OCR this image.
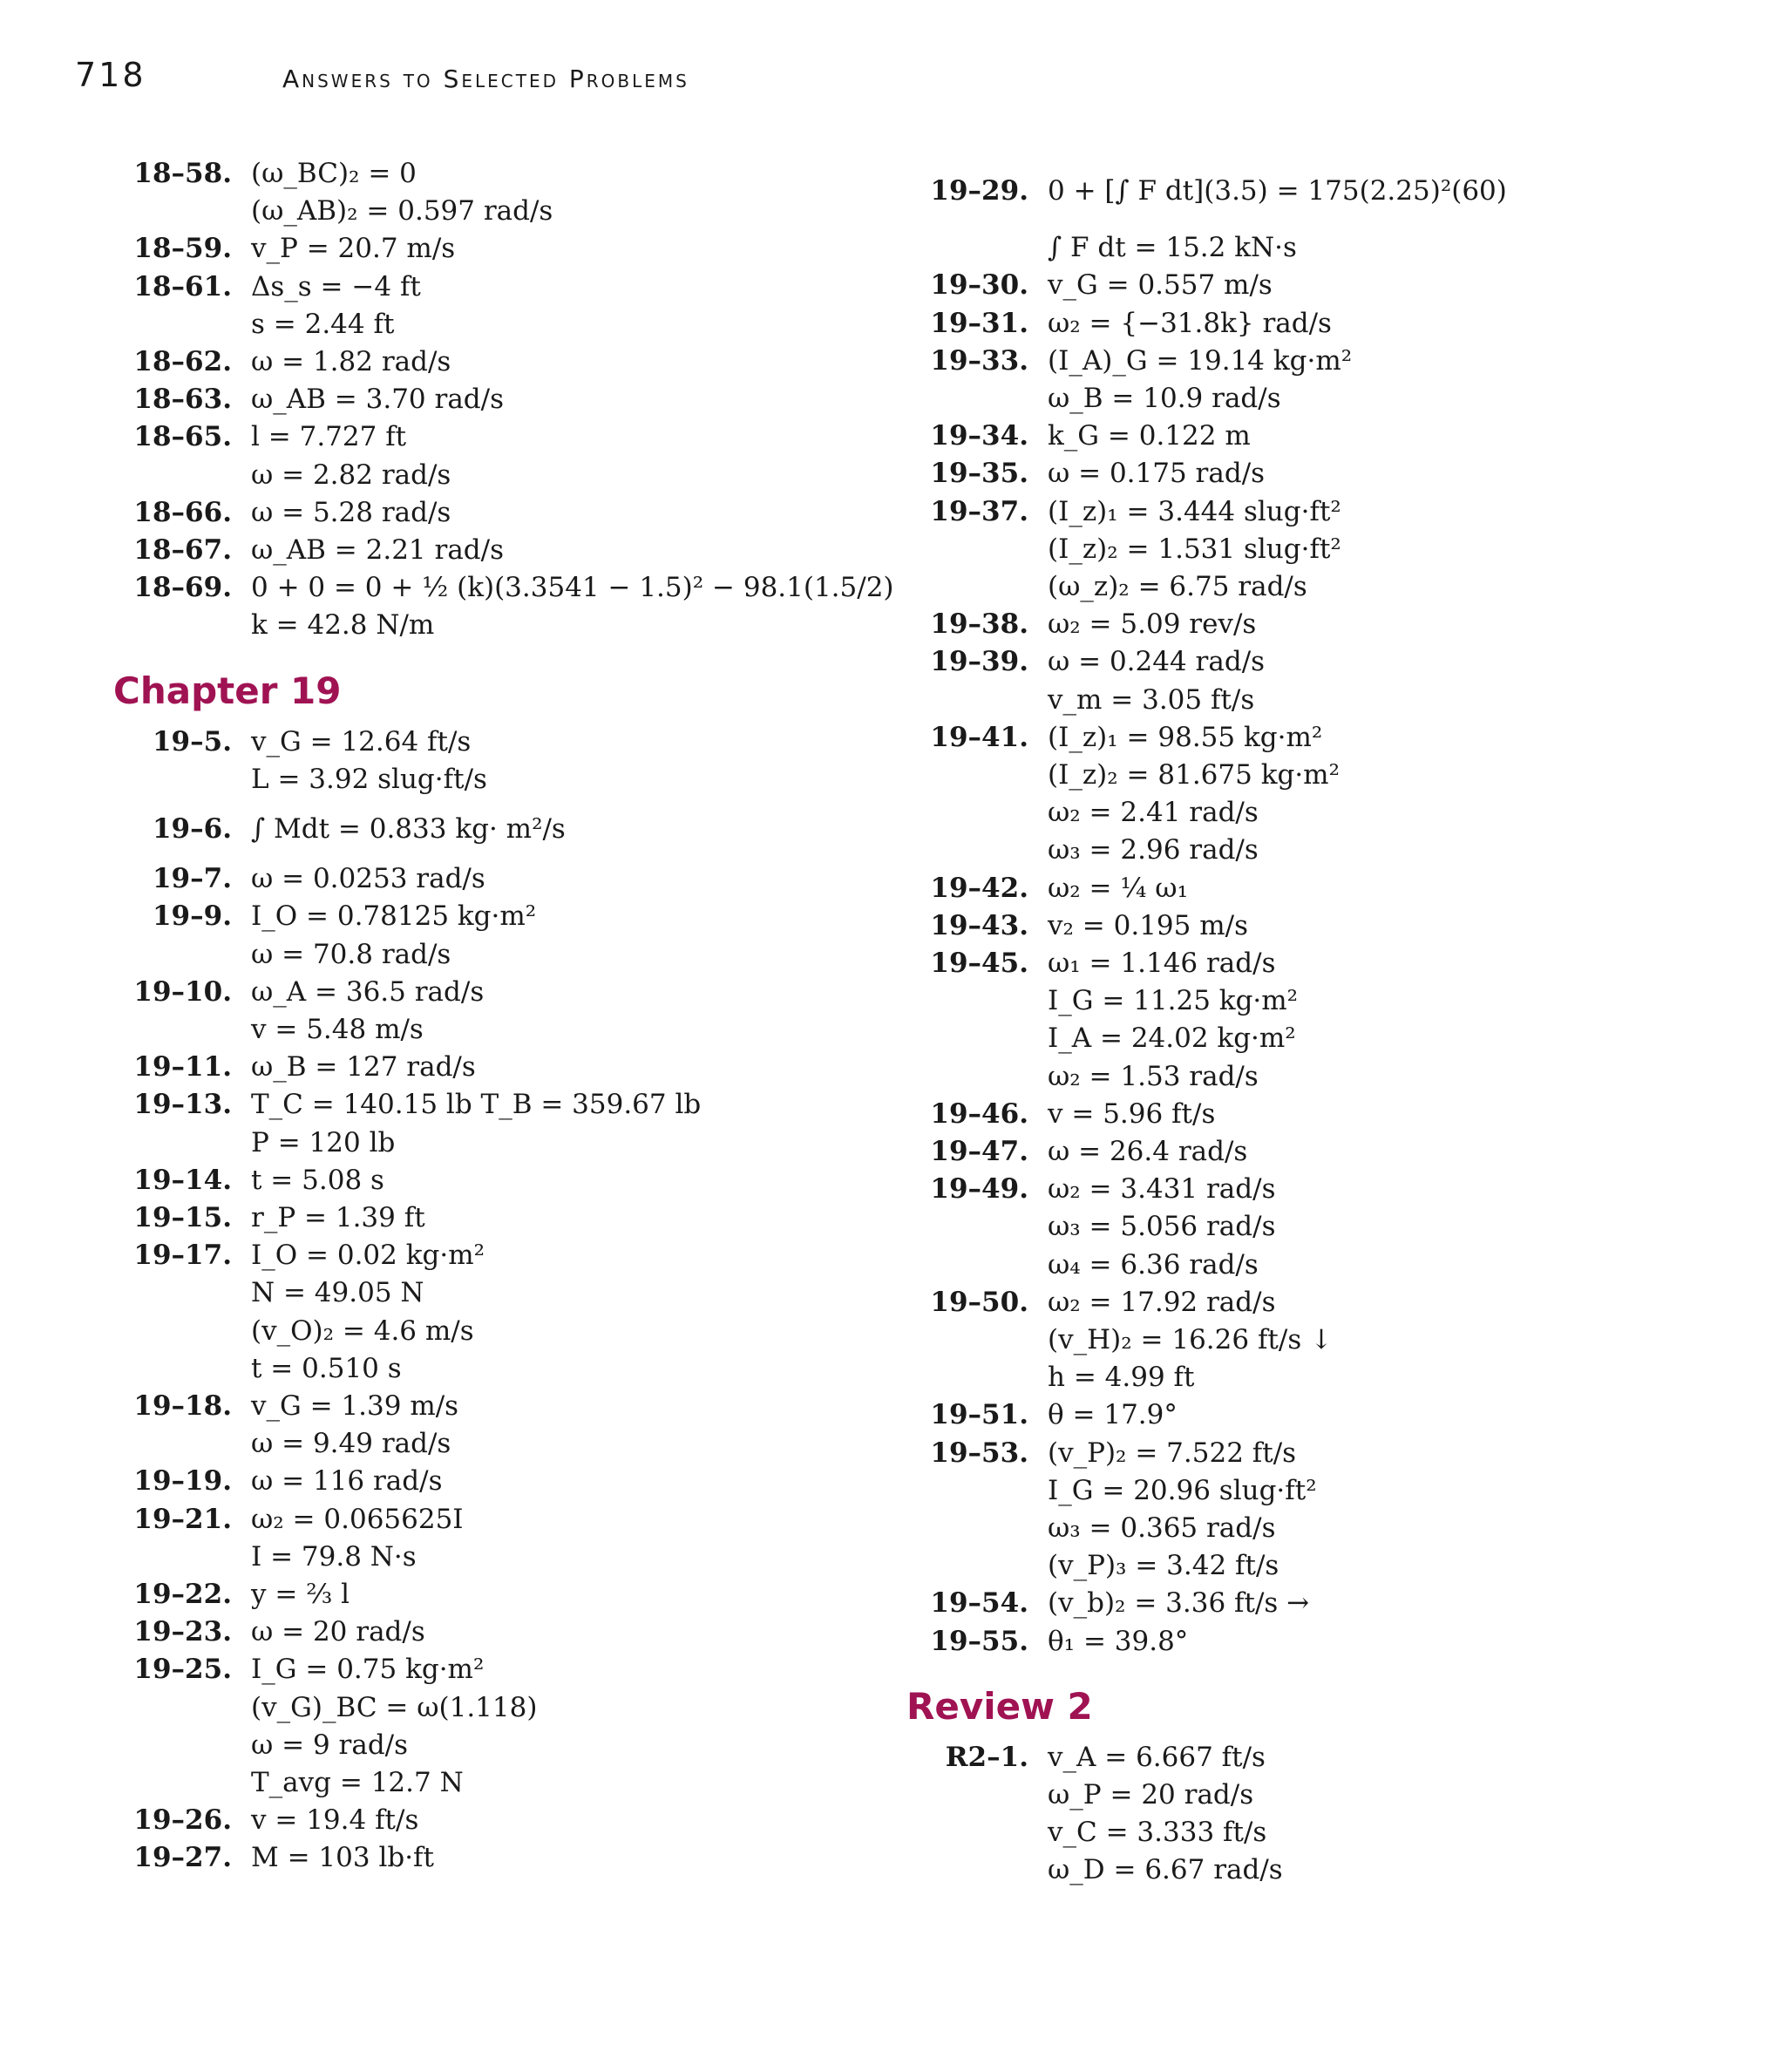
718	Answers to Selected Problems
18–58. (ω_BC)₂ = 0
(ω_AB)₂ = 0.597 rad/s
18–59. v_P = 20.7 m/s
18–61. Δs_s = −4 ft
s = 2.44 ft
18–62. ω = 1.82 rad/s
18–63. ω_AB = 3.70 rad/s
18–65. l = 7.727 ft
ω = 2.82 rad/s
18–66. ω = 5.28 rad/s
18–67. ω_AB = 2.21 rad/s
18–69. 0 + 0 = 0 + ½ (k)(3.3541 − 1.5)² − 98.1(1.5/2)
k = 42.8 N/m
Chapter 19
19–5. v_G = 12.64 ft/s
L = 3.92 slug·ft/s
19–6. ∫ Mdt = 0.833 kg· m²/s
19–7. ω = 0.0253 rad/s
19–9. I_O = 0.78125 kg·m²
ω = 70.8 rad/s
19–10. ω_A = 36.5 rad/s
v = 5.48 m/s
19–11. ω_B = 127 rad/s
19–13. T_C = 140.15 lb T_B = 359.67 lb
P = 120 lb
19–14. t = 5.08 s
19–15. r_P = 1.39 ft
19–17. I_O = 0.02 kg·m²
N = 49.05 N
(v_O)₂ = 4.6 m/s
t = 0.510 s
19–18. v_G = 1.39 m/s
ω = 9.49 rad/s
19–19. ω = 116 rad/s
19–21. ω₂ = 0.065625I
I = 79.8 N·s
19–22. y = ⅔ l
19–23. ω = 20 rad/s
19–25. I_G = 0.75 kg·m²
(v_G)_BC = ω(1.118)
ω = 9 rad/s
T_avg = 12.7 N
19–26. v = 19.4 ft/s
19–27. M = 103 lb·ft
19–29. 0 + [∫ F dt](3.5) = 175(2.25)²(60)
∫ F dt = 15.2 kN·s
19–30. v_G = 0.557 m/s
19–31. ω₂ = {−31.8k} rad/s
19–33. (I_A)_G = 19.14 kg·m²
ω_B = 10.9 rad/s
19–34. k_G = 0.122 m
19–35. ω = 0.175 rad/s
19–37. (I_z)₁ = 3.444 slug·ft²
(I_z)₂ = 1.531 slug·ft²
(ω_z)₂ = 6.75 rad/s
19–38. ω₂ = 5.09 rev/s
19–39. ω = 0.244 rad/s
v_m = 3.05 ft/s
19–41. (I_z)₁ = 98.55 kg·m²
(I_z)₂ = 81.675 kg·m²
ω₂ = 2.41 rad/s
ω₃ = 2.96 rad/s
19–42. ω₂ = ¼ ω₁
19–43. v₂ = 0.195 m/s
19–45. ω₁ = 1.146 rad/s
I_G = 11.25 kg·m²
I_A = 24.02 kg·m²
ω₂ = 1.53 rad/s
19–46. v = 5.96 ft/s
19–47. ω = 26.4 rad/s
19–49. ω₂ = 3.431 rad/s
ω₃ = 5.056 rad/s
ω₄ = 6.36 rad/s
19–50. ω₂ = 17.92 rad/s
(v_H)₂ = 16.26 ft/s ↓
h = 4.99 ft
19–51. θ = 17.9°
19–53. (v_P)₂ = 7.522 ft/s
I_G = 20.96 slug·ft²
ω₃ = 0.365 rad/s
(v_P)₃ = 3.42 ft/s
19–54. (v_b)₂ = 3.36 ft/s →
19–55. θ₁ = 39.8°
Review 2
R2–1. v_A = 6.667 ft/s
ω_P = 20 rad/s
v_C = 3.333 ft/s
ω_D = 6.67 rad/s
